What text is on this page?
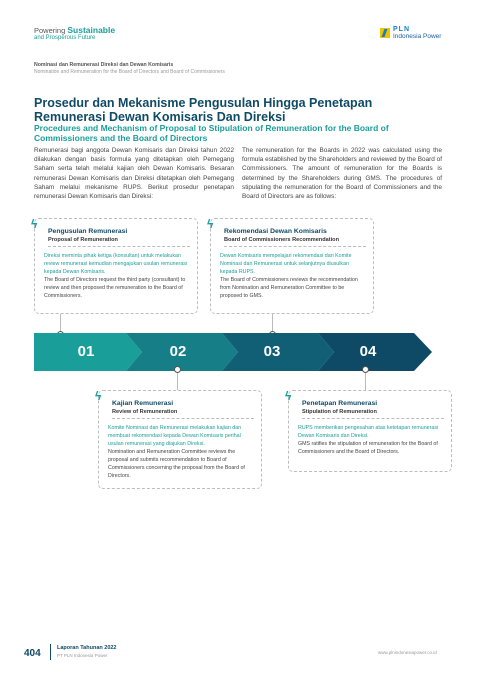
Powering Sustainable
and Prosperous Future
PLN
Indonesia Power
Nominasi dan Remunerasi Direksi dan Dewan Komisaris
Nomination and Remuneration for the Board of Directors and Board of Commissioners
Prosedur dan Mekanisme Pengusulan Hingga Penetapan Remunerasi Dewan Komisaris Dan Direksi
Procedures and Mechanism of Proposal to Stipulation of Remuneration for the Board of Commissioners and the Board of Directors
Remunerasi bagi anggota Dewan Komisaris dan Direksi tahun 2022 dilakukan dengan basis formula yang ditetapkan oleh Pemegang Saham serta telah melalui kajian oleh Dewan Komisaris. Besaran remunerasi Dewan Komisaris dan Direksi ditetapkan oleh Pemegang Saham melalui mekanisme RUPS. Berikut prosedur penetapan remunerasi Dewan Komisaris dan Direksi:
The remuneration for the Boards in 2022 was calculated using the formula established by the Shareholders and reviewed by the Board of Commissioners. The amount of remuneration for the Boards is determined by the Shareholders during GMS. The procedures of stipulating the remuneration for the Board of Commissioners and the Board of Directors are as follows:
ϟ
Pengusulan Remunerasi
Proposal of Remuneration
Direksi meminta pihak ketiga (konsultan) untuk melakukan review remunerasi kemudian mengajukan usulan remunerasi kepada Dewan Komisaris.
The Board of Directors request the third party (consultant) to review and then proposed the remuneration to the Board of Commissioners.
ϟ
Rekomendasi Dewan Komisaris
Board of Commissioners Recommendation
Dewan Komisaris mempelajari rekomendasi dari Komite Nominasi dan Remunerasi untuk selanjutnya diusulkan kepada RUPS.
The Board of Commissioners reviews the recommendation from Nomination and Remuneration Committee to be proposed to GMS.
01	02	03	04
ϟ
Kajian Remunerasi
Review of Remuneration
Komite Nominasi dan Remunerasi melakukan kajian dan membuat rekomendasi kepada Dewan Komisaris perihal usulan remunerasi yang diajukan Direksi.
Nomination and Remuneration Committee reviews the proposal and submits recommendation to Board of Commissioners concerning the proposal from the Board of Directors.
ϟ
Penetapan Remunerasi
Stipulation of Remuneration
RUPS memberikan pengesahan atas ketetapan remunerasi Dewan Komisaris dan Direksi.
GMS ratifies the stipulation of remuneration for the Board of Commissioners and the Board of Directors.
404	Laporan Tahunan 2022
PT PLN Indonesia Power
www.plnindonesiapower.co.id
